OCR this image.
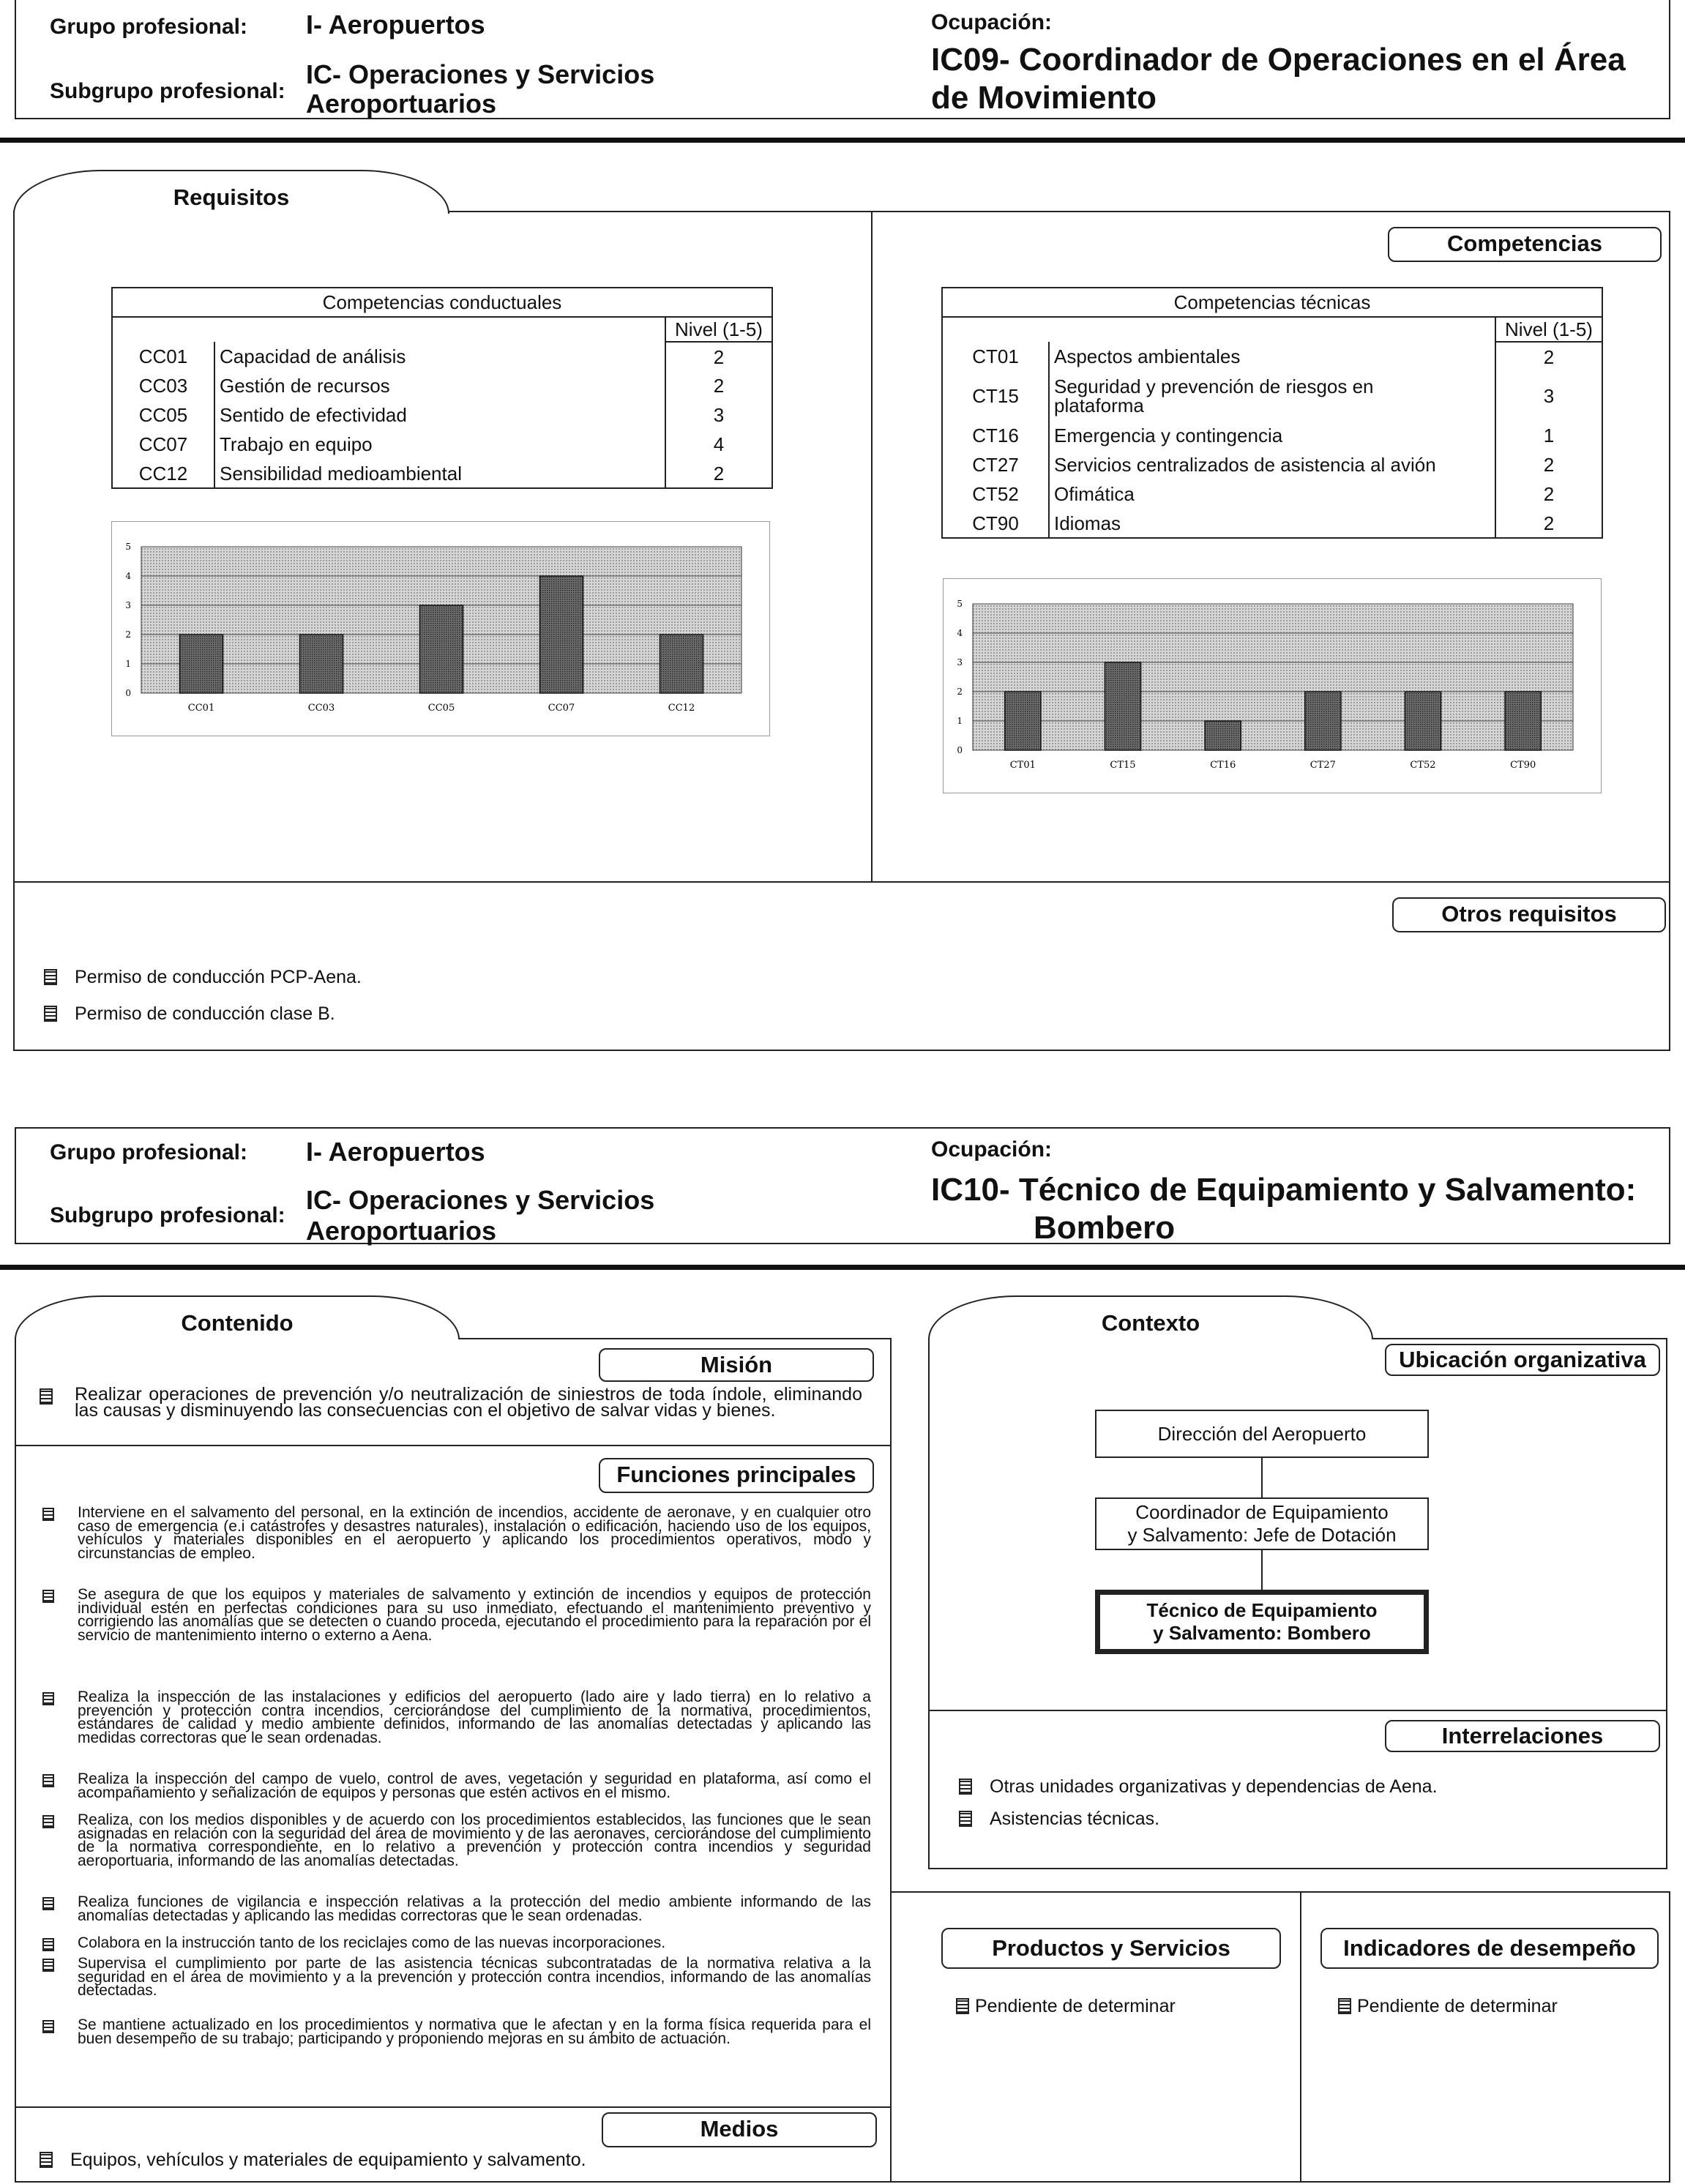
Grupo profesional: I- Aeropuertos
Subgrupo profesional:
IC- Operaciones y Servicios
Aeroportuarios
Ocupación:
IC09- Coordinador de Operaciones en el Área
de Movimiento
Requisitos
Competencias
Competencias conductuales		
		Nivel (1-5)
CC01	Capacidad de análisis	2
CC03	Gestión de recursos	2
CC05	Sentido de efectividad	3
CC07	Trabajo en equipo	4
CC12	Sensibilidad medioambiental	2
Competencias técnicas		
		Nivel (1-5)
CT01	Aspectos ambientales	2
CT15	Seguridad y prevención de riesgos en plataforma	3
CT16	Emergencia y contingencia	1
CT27	Servicios centralizados de asistencia al avión	2
CT52	Ofimática	2
CT90	Idiomas	2
0
1
2
3
4
5
CC01	CC03	CC05	CC07	CC12
0
1
2
3
4
5
CT01	CT15	CT16	CT27	CT52	CT90
Otros requisitos
Permiso de conducción PCP-Aena.
Permiso de conducción clase B.
Grupo profesional: I- Aeropuertos
Subgrupo profesional:
IC- Operaciones y Servicios
Aeroportuarios
Ocupación:
IC10- Técnico de Equipamiento y Salvamento:
Bombero
Contenido
Misión
Realizar operaciones de prevención y/o neutralización de siniestros de toda índole, eliminando las causas y disminuyendo las consecuencias con el objetivo de salvar vidas y bienes.
Funciones principales
Interviene en el salvamento del personal, en la extinción de incendios, accidente de aeronave, y en cualquier otro caso de emergencia (e.i catástrofes y desastres naturales), instalación o edificación, haciendo uso de los equipos, vehículos y materiales disponibles en el aeropuerto y aplicando los procedimientos operativos, modo y circunstancias de empleo.
Se asegura de que los equipos y materiales de salvamento y extinción de incendios y equipos de protección individual estén en perfectas condiciones para su uso inmediato, efectuando el mantenimiento preventivo y corrigiendo las anomalías que se detecten o cuando proceda, ejecutando el procedimiento para la reparación por el servicio de mantenimiento interno o externo a Aena.
Realiza la inspección de las instalaciones y edificios del aeropuerto (lado aire y lado tierra) en lo relativo a prevención y protección contra incendios, cerciorándose del cumplimiento de la normativa, procedimientos, estándares de calidad y medio ambiente definidos, informando de las anomalías detectadas y aplicando las medidas correctoras que le sean ordenadas.
Realiza la inspección del campo de vuelo, control de aves, vegetación y seguridad en plataforma, así como el acompañamiento y señalización de equipos y personas que estén activos en el mismo.
Realiza, con los medios disponibles y de acuerdo con los procedimientos establecidos, las funciones que le sean asignadas en relación con la seguridad del área de movimiento y de las aeronaves, cerciorándose del cumplimiento de la normativa correspondiente, en lo relativo a prevención y protección contra incendios y seguridad aeroportuaria, informando de las anomalías detectadas.
Realiza funciones de vigilancia e inspección relativas a la protección del medio ambiente informando de las anomalías detectadas y aplicando las medidas correctoras que le sean ordenadas.
Colabora en la instrucción tanto de los reciclajes como de las nuevas incorporaciones.
Supervisa el cumplimiento por parte de las asistencia técnicas subcontratadas de la normativa relativa a la seguridad en el área de movimiento y a la prevención y protección contra incendios, informando de las anomalías detectadas.
Se mantiene actualizado en los procedimientos y normativa que le afectan y en la forma física requerida para el buen desempeño de su trabajo; participando y proponiendo mejoras en su ámbito de actuación.
Medios
Equipos, vehículos y materiales de equipamiento y salvamento.
Contexto
Ubicación organizativa
Dirección del Aeropuerto
Coordinador de Equipamiento
y Salvamento: Jefe de Dotación
Técnico de Equipamiento
y Salvamento: Bombero
Interrelaciones
Otras unidades organizativas y dependencias de Aena.
Asistencias técnicas.
Productos y Servicios	Indicadores de desempeño
Pendiente de determinar	Pendiente de determinar
